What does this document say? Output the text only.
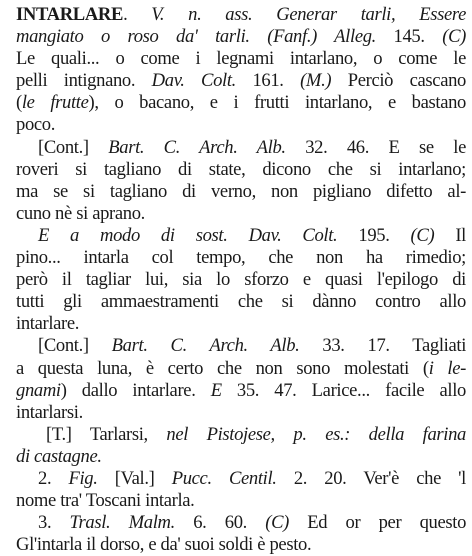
INTARLARE. V. n. ass. Generar tarli, Essere
mangiato o roso da' tarli. (Fanf.) Alleg. 145. (C)
Le quali... o come i legnami intarlano, o come le
pelli intignano. Dav. Colt. 161. (M.) Perciò cascano
(le frutte), o bacano, e i frutti intarlano, e bastano
poco.
[Cont.] Bart. C. Arch. Alb. 32. 46. E se le
roveri si tagliano di state, dicono che si intarlano;
ma se si tagliano di verno, non pigliano difetto al-
cuno nè si aprano.
E a modo di sost. Dav. Colt. 195. (C) Il
pino... intarla col tempo, che non ha rimedio;
però il tagliar lui, sia lo sforzo e quasi l'epilogo di
tutti gli ammaestramenti che si dànno contro allo
intarlare.
[Cont.] Bart. C. Arch. Alb. 33. 17. Tagliati
a questa luna, è certo che non sono molestati (i le-
gnami) dallo intarlare. E 35. 47. Larice... facile allo
intarlarsi.
[T.] Tarlarsi, nel Pistojese, p. es.: della farina
di castagne.
2. Fig. [Val.] Pucc. Centil. 2. 20. Ver'è che 'l
nome tra' Toscani intarla.
3. Trasl. Malm. 6. 60. (C) Ed or per questo
Gl'intarla il dorso, e da' suoi soldi è pesto.
